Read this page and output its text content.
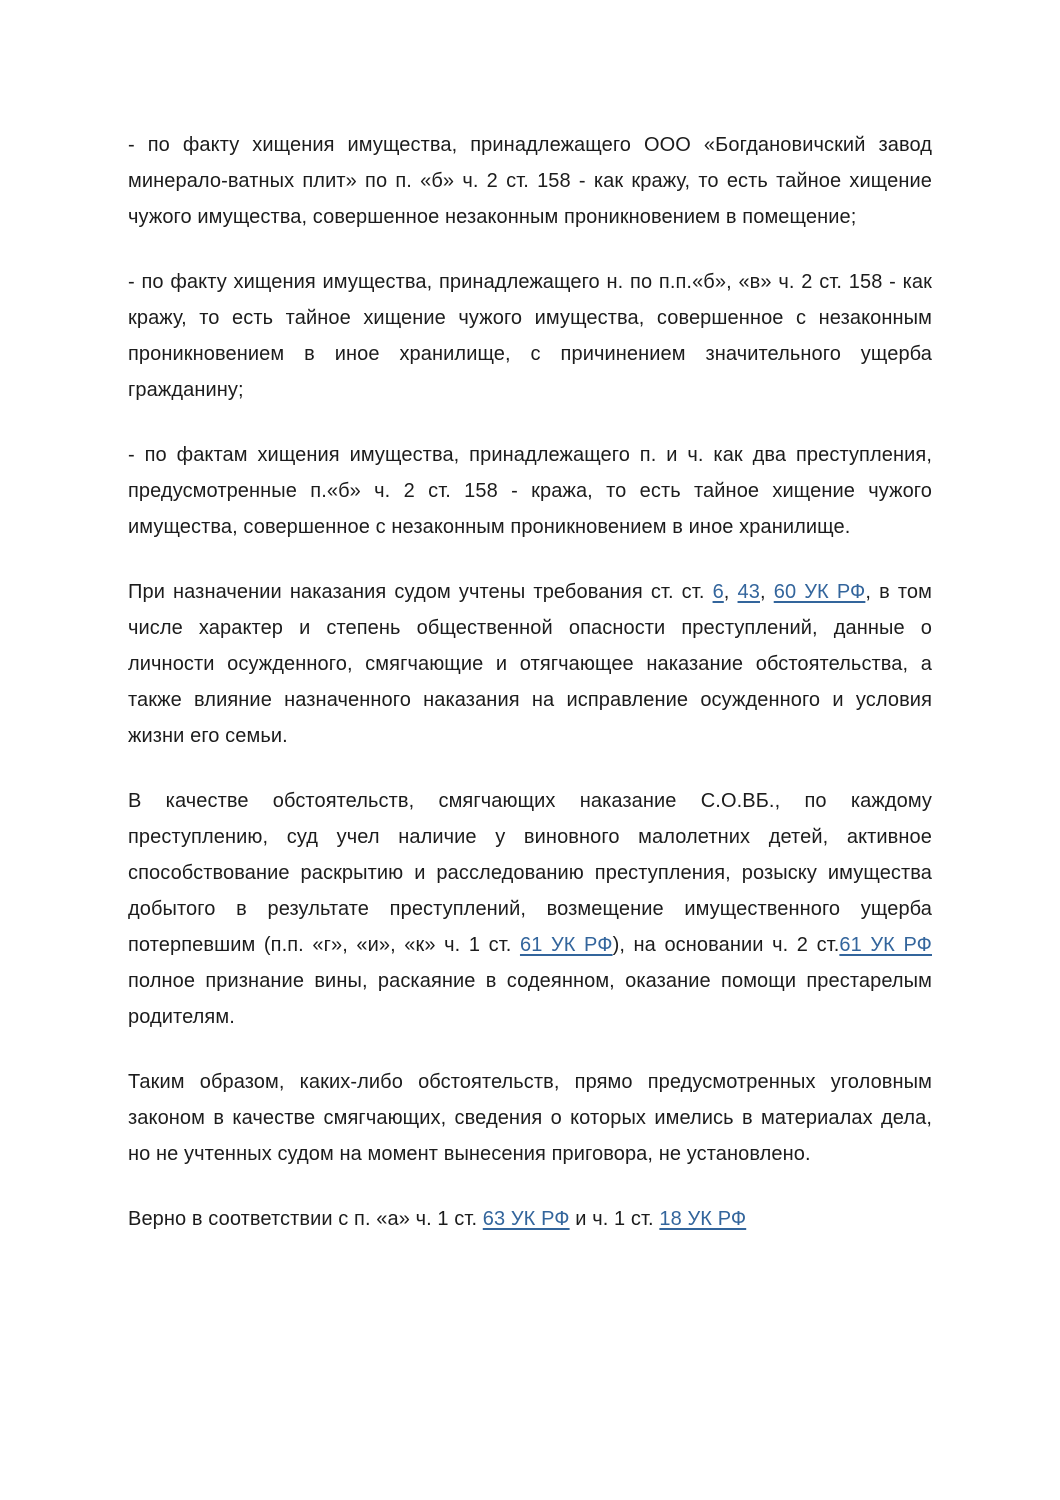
- по факту хищения имущества, принадлежащего ООО «Богдановичский завод минерало-ватных плит» по п. «б» ч. 2 ст. 158 - как кражу, то есть тайное хищение чужого имущества, совершенное незаконным проникновением в помещение;

- по факту хищения имущества, принадлежащего н. по п.п.«б», «в» ч. 2 ст. 158 - как кражу, то есть тайное хищение чужого имущества, совершенное с незаконным проникновением в иное хранилище, с причинением значительного ущерба гражданину;

- по фактам хищения имущества, принадлежащего п. и ч. как два преступления, предусмотренные п.«б» ч. 2 ст. 158 - кража, то есть тайное хищение чужого имущества, совершенное с незаконным проникновением в иное хранилище.

При назначении наказания судом учтены требования ст. ст. 6, 43, 60 УК РФ, в том числе характер и степень общественной опасности преступлений, данные о личности осужденного, смягчающие и отягчающее наказание обстоятельства, а также влияние назначенного наказания на исправление осужденного и условия жизни его семьи.

В качестве обстоятельств, смягчающих наказание С.О.ВБ., по каждому преступлению, суд учел наличие у виновного малолетних детей, активное способствование раскрытию и расследованию преступления, розыску имущества добытого в результате преступлений, возмещение имущественного ущерба потерпевшим (п.п. «г», «и», «к» ч. 1 ст. 61 УК РФ), на основании ч. 2 ст.61 УК РФ полное признание вины, раскаяние в содеянном, оказание помощи престарелым родителям.

Таким образом, каких-либо обстоятельств, прямо предусмотренных уголовным законом в качестве смягчающих, сведения о которых имелись в материалах дела, но не учтенных судом на момент вынесения приговора, не установлено.

Верно в соответствии с п. «а» ч. 1 ст. 63 УК РФ и ч. 1 ст. 18 УК РФ
